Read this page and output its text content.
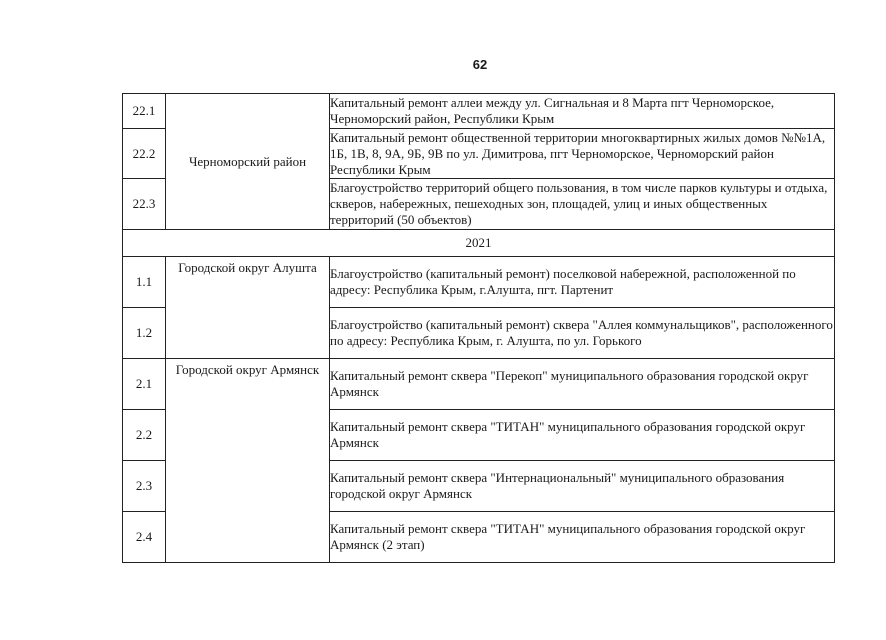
62
22.1	Черноморский район	Капитальный ремонт аллеи между ул. Сигнальная и 8 Марта пгт Черноморское, Черноморский район, Республики Крым
22.2		Капитальный ремонт общественной территории многоквартирных жилых домов №№1А, 1Б, 1В, 8, 9А, 9Б, 9В по ул. Димитрова, пгт Черноморское, Черноморский район Республики Крым
22.3		Благоустройство территорий общего пользования, в том числе парков культуры и отдыха, скверов, набережных, пешеходных зон, площадей, улиц и иных общественных территорий (50 объектов)
2021		
1.1	Городской округ Алушта	Благоустройство (капитальный ремонт) поселковой набережной, расположенной по адресу: Республика Крым, г.Алушта, пгт. Партенит
1.2		Благоустройство (капитальный ремонт) сквера "Аллея коммунальщиков", расположенного по адресу: Республика Крым, г. Алушта, по ул. Горького
2.1	Городской округ Армянск	Капитальный ремонт сквера "Перекоп" муниципального образования городской округ Армянск
2.2		Капитальный ремонт сквера "ТИТАН" муниципального образования городской округ Армянск
2.3		Капитальный ремонт сквера "Интернациональный" муниципального образования городской округ Армянск
2.4		Капитальный ремонт сквера "ТИТАН" муниципального образования городской округ Армянск (2 этап)
